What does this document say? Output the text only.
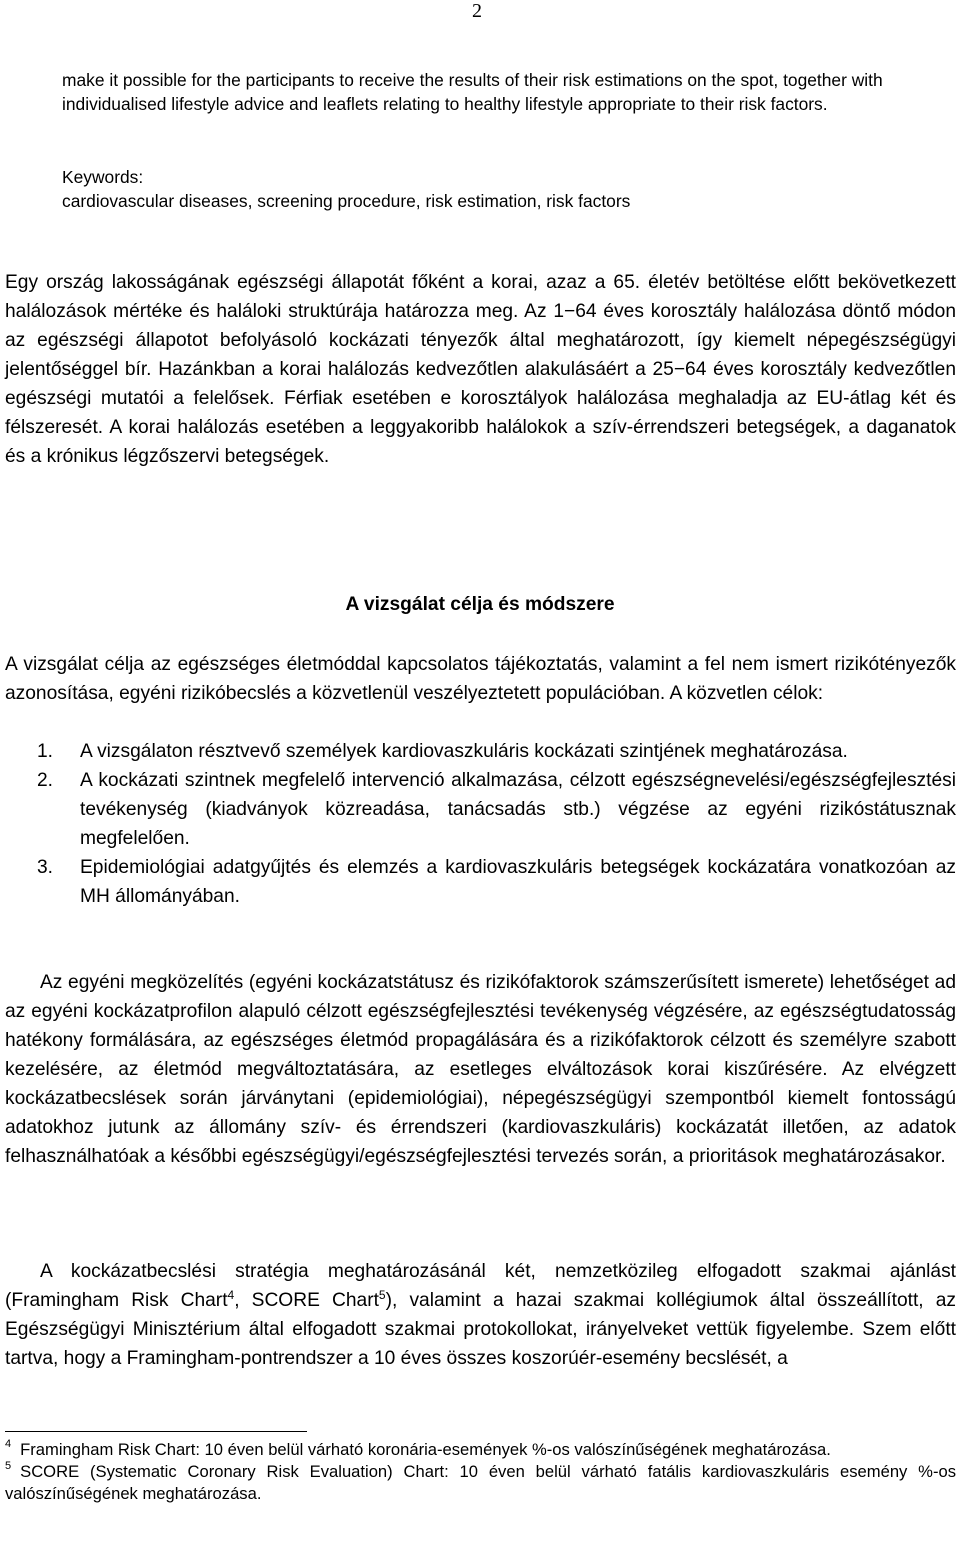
2

make it possible for the participants to receive the results of their risk estimations on the spot, together with individualised lifestyle advice and leaflets relating to healthy lifestyle appropriate to their risk factors.

Keywords:
cardiovascular diseases, screening procedure, risk estimation, risk factors

Egy ország lakosságának egészségi állapotát főként a korai, azaz a 65. életév betöltése előtt bekövetkezett halálozások mértéke és haláloki struktúrája határozza meg. Az 1−64 éves korosztály halálozása döntő módon az egészségi állapotot befolyásoló kockázati tényezők által meghatározott, így kiemelt népegészségügyi jelentőséggel bír. Hazánkban a korai halálozás kedvezőtlen alakulásáért a 25−64 éves korosztály kedvezőtlen egészségi mutatói a felelősek. Férfiak esetében e korosztályok halálozása meghaladja az EU-átlag két és félszeresét. A korai halálozás esetében a leggyakoribb halálokok a szív-érrendszeri betegségek, a daganatok és a krónikus légzőszervi betegségek.

A vizsgálat célja és módszere

A vizsgálat célja az egészséges életmóddal kapcsolatos tájékoztatás, valamint a fel nem ismert rizikótényezők azonosítása, egyéni rizikóbecslés a közvetlenül veszélyeztetett populációban. A közvetlen célok:

1. A vizsgálaton résztvevő személyek kardiovaszkuláris kockázati szintjének meghatározása.
2. A kockázati szintnek megfelelő intervenció alkalmazása, célzott egészségnevelési/egészségfejlesztési tevékenység (kiadványok közreadása, tanácsadás stb.) végzése az egyéni rizikóstátusznak megfelelően.
3. Epidemiológiai adatgyűjtés és elemzés a kardiovaszkuláris betegségek kockázatára vonatkozóan az MH állományában.

Az egyéni megközelítés (egyéni kockázatstátusz és rizikófaktorok számszerűsített ismerete) lehetőséget ad az egyéni kockázatprofilon alapuló célzott egészségfejlesztési tevékenység végzésére, az egészségtudatosság hatékony formálására, az egészséges életmód propagálására és a rizikófaktorok célzott és személyre szabott kezelésére, az életmód megváltoztatására, az esetleges elváltozások korai kiszűrésére. Az elvégzett kockázatbecslések során járványtani (epidemiológiai), népegészségügyi szempontból kiemelt fontosságú adatokhoz jutunk az állomány szív- és érrendszeri (kardiovaszkuláris) kockázatát illetően, az adatok felhasználhatóak a későbbi egészségügyi/egészségfejlesztési tervezés során, a prioritások meghatározásakor.

A kockázatbecslési stratégia meghatározásánál két, nemzetközileg elfogadott szakmai ajánlást (Framingham Risk Chart$^4$, SCORE Chart$^5$), valamint a hazai szakmai kollégiumok által összeállított, az Egészségügyi Minisztérium által elfogadott szakmai protokollokat, irányelveket vettük figyelembe. Szem előtt tartva, hogy a Framingham-pontrendszer a 10 éves összes koszorúér-esemény becslését, a

$^4$ Framingham Risk Chart: 10 éven belül várható koronária-események %-os valószínűségének meghatározása.
$^5$ SCORE (Systematic Coronary Risk Evaluation) Chart: 10 éven belül várható fatális kardiovaszkuláris esemény %-os valószínűségének meghatározása.
